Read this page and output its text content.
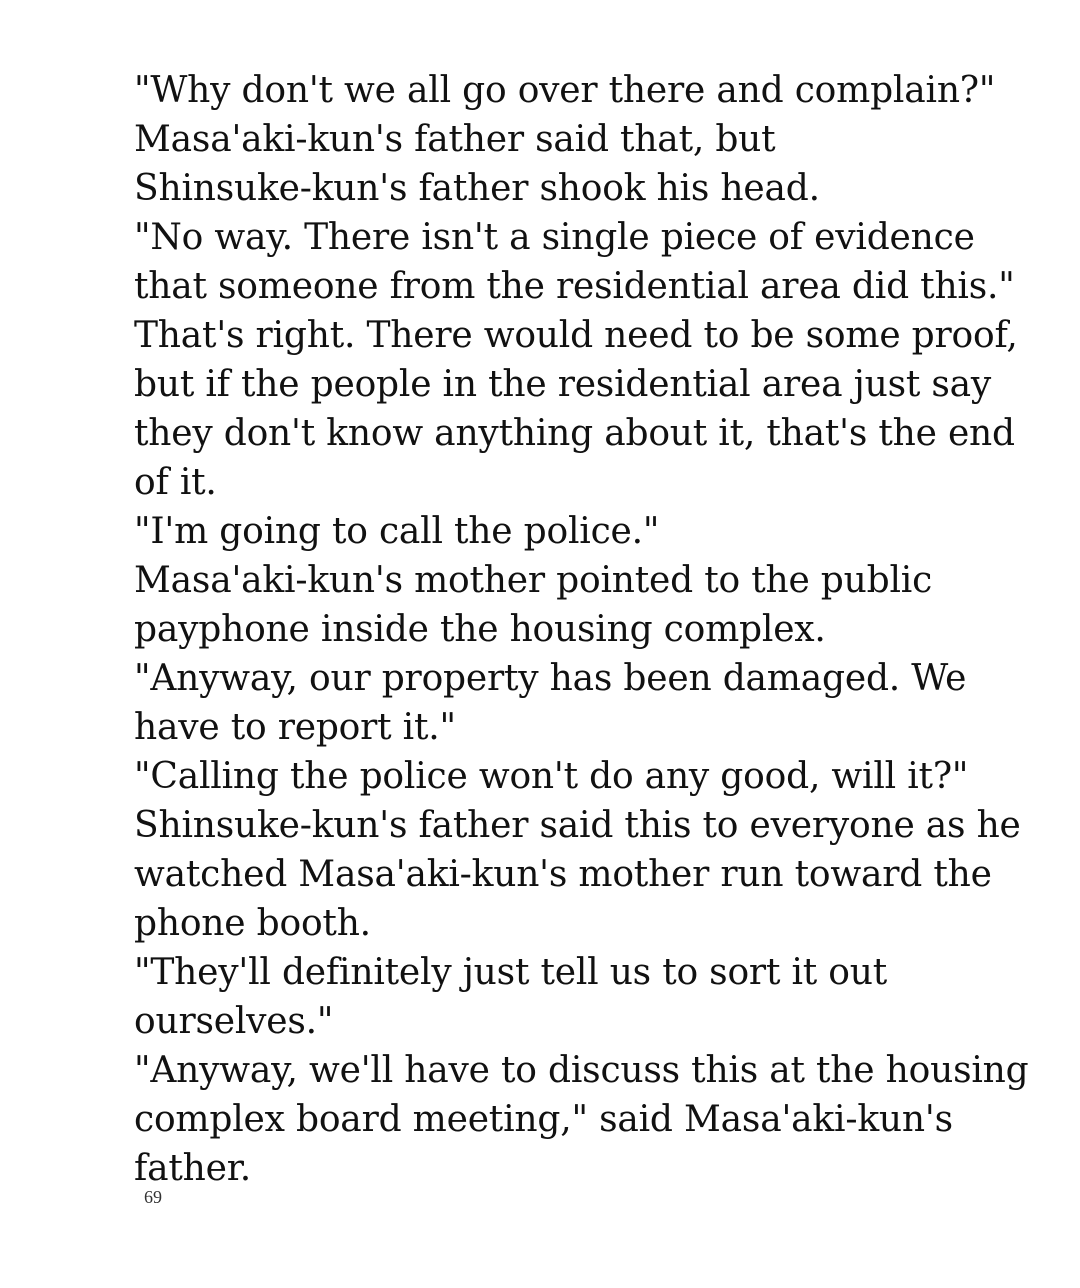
"Why don't we all go over there and complain?"
Masa'aki-kun's father said that, but
Shinsuke-kun's father shook his head.
"No way. There isn't a single piece of evidence
that someone from the residential area did this."
That's right. There would need to be some proof,
but if the people in the residential area just say
they don't know anything about it, that's the end
of it.
"I'm going to call the police."
Masa'aki-kun's mother pointed to the public
payphone inside the housing complex.
"Anyway, our property has been damaged. We
have to report it."
"Calling the police won't do any good, will it?"
Shinsuke-kun's father said this to everyone as he
watched Masa'aki-kun's mother run toward the
phone booth.
"They'll definitely just tell us to sort it out
ourselves."
"Anyway, we'll have to discuss this at the housing
complex board meeting," said Masa'aki-kun's
father.
69
